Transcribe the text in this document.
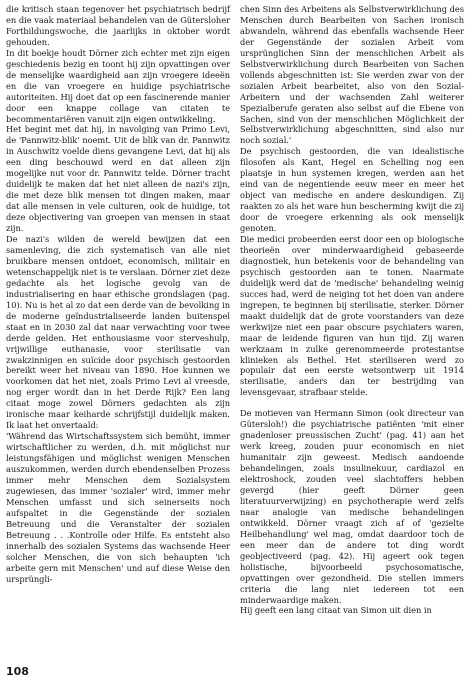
die kritisch staan tegenover het psychiatrisch bedrijf en die vaak materiaal behandelen van de Gütersloher Fortbildungswoche, die jaarlijks in oktober wordt gehouden.

In dit boekje houdt Dörner zich echter met zijn eigen geschiedenis bezig en toont hij zijn opvattingen over de menselijke waardigheid aan zijn vroegere ideeën en die van vroegere en huidige psychiatrische autoriteiten. Hij doet dat op een fascinerende manier door een knappe collage van citaten te becommentariëren vanuit zijn eigen ontwikkeling.

Het begint met dat hij, in navolging van Primo Levi, de 'Pannwitz-blik' noemt. Uit de blik van dr. Pannwitz in Auschwitz voelde diens gevangene Levi, dat hij als een ding beschouwd werd en dat alleen zijn mogelijke nut voor dr. Pannwitz telde. Dörner tracht duidelijk te maken dat het niet alleen de nazi's zijn, die met deze blik mensen tot dingen maken, maar dat alle mensen in vele culturen, ook de huidige, tot deze objectivering van groepen van mensen in staat zijn.

De nazi's wilden de wereld bewijzen dat een samenleving, die zich systematisch van alle niet bruikbare mensen ontdoet, economisch, militair en wetenschappelijk niet is te verslaan. Dörner ziet deze gedachte als het logische gevolg van de industrialisering en haar ethische grondslagen (pag. 10). Nu is het al zo dat een derde van de bevolking in de moderne geïndustrialiseerde landen buitenspel staat en in 2030 zal dat naar verwachting voor twee derde gelden. Het enthousiasme voor sterveshulp, vrijwillige euthanasie, voor sterilisatie van zwakzinnigen en suïcide door psychisch gestoorden bereikt weer het niveau van 1890. Hoe kunnen we voorkomen dat het niet, zoals Primo Levi al vreesde, nog erger wordt dan in het Derde Rijk? Een lang citaat moge zowel Dörners gedachten als zijn ironische maar keiharde schrijfstijl duidelijk maken. Ik laat het onvertaald:

'Während das Wirtschaftssystem sich bemüht, immer wirtschaftlicher zu werden, d.h. mit möglichst nur leistungsfähigen und möglichst wenigen Menschen auszukommen, werden durch ebendenselben Prozess immer mehr Menschen dem Sozialsystem zugewiesen, das immer 'sozialer' wird, immer mehr Menschen umfasst und sich seinerseits noch aufspaltet in die Gegenstände der sozialen Betreuung und die Veranstalter der sozialen Betreuung . . .Kontrolle oder Hilfe. Es entsteht also innerhalb des sozialen Systems das wachsende Heer solcher Menschen, die von sich behaupten 'ich arbeite gern mit Menschen' und auf diese Weise den ursprüngli-

chen Sinn des Arbeitens als Selbstverwirklichung des Menschen durch Bearbeiten von Sachen ironisch abwandeln, während das ebenfalls wachsende Heer der Gegenstände der sozialen Arbeit vom ursprünglichen Sinn der menschlichen Arbeit als Selbstverwirklichung durch Bearbeiten von Sachen vollends abgeschnitten ist: Sie werden zwar von der sozialen Arbeit bearbeitet, also von den Sozial-Arbeitern und der wachsenden Zahl weiterer Spezialberufe geraten also selbst auf die Ebene von Sachen, sind von der menschlichen Möglichkeit der Selbstverwirklichung abgeschnitten, sind also nur noch sozial.'

De psychisch gestoorden, die van idealistische filosofen als Kant, Hegel en Schelling nog een plaatsje in hun systemen kregen, werden aan het eind van de negentiende eeuw meer en meer het object van medische en andere deskundigen. Zij raakten zo als het ware hun bescherming kwijt die zij door de vroegere erkenning als ook menselijk genoten.

Die medici probeerden eerst door een op biologische theorieën over minderwaardigheid gebaseerde diagnostiek, hun betekenis voor de behandeling van psychisch gestoorden aan te tonen. Naarmate duidelijk werd dat de 'medische' behandeling weinig succes had, werd de neiging tot het doen van andere ingrepen, te beginnen bij sterilisatie, sterker. Dörner maakt duidelijk dat de grote voorstanders van deze werkwijze niet een paar obscure psychiaters waren, maar de leidende figuren van hun tijd. Zij waren werkzaam in zulke gerenommeerde protestantse klinieken als Bethel. Het steriliseren werd zo populair dat een eerste wetsontwerp uit 1914 sterilisatie, anders dan ter bestrijding van levensgevaar, strafbaar stelde.

De motieven van Hermann Simon (ook directeur van Gütersloh!) die psychiatrische patiënten 'mit einer gnadenloser preussischen Zucht' (pag. 41) aan het werk kreeg, zouden puur economisch en niet humanitair zijn geweest. Medisch aandoende behandelingen, zoals insulinekuur, cardiazol en elektroshock, zouden veel slachtoffers hebben gevergd (hier geeft Dörner geen literatuurverwijzing) en psychotherapie werd zelfs naar analogie van medische behandelingen ontwikkeld. Dörner vraagt zich af of 'gezielte Heilbehandlung' wel mag, omdat daardoor toch de een meer dan de andere tot ding wordt geobjectiveerd (pag. 42). Hij ageert ook tegen holistische, bijvoorbeeld psychosomatische, opvattingen over gezondheid. Die stellen immers criteria die lang niet iedereen tot een minderwaardige maken.

Hij geeft een lang citaat van Simon uit dien in

108
